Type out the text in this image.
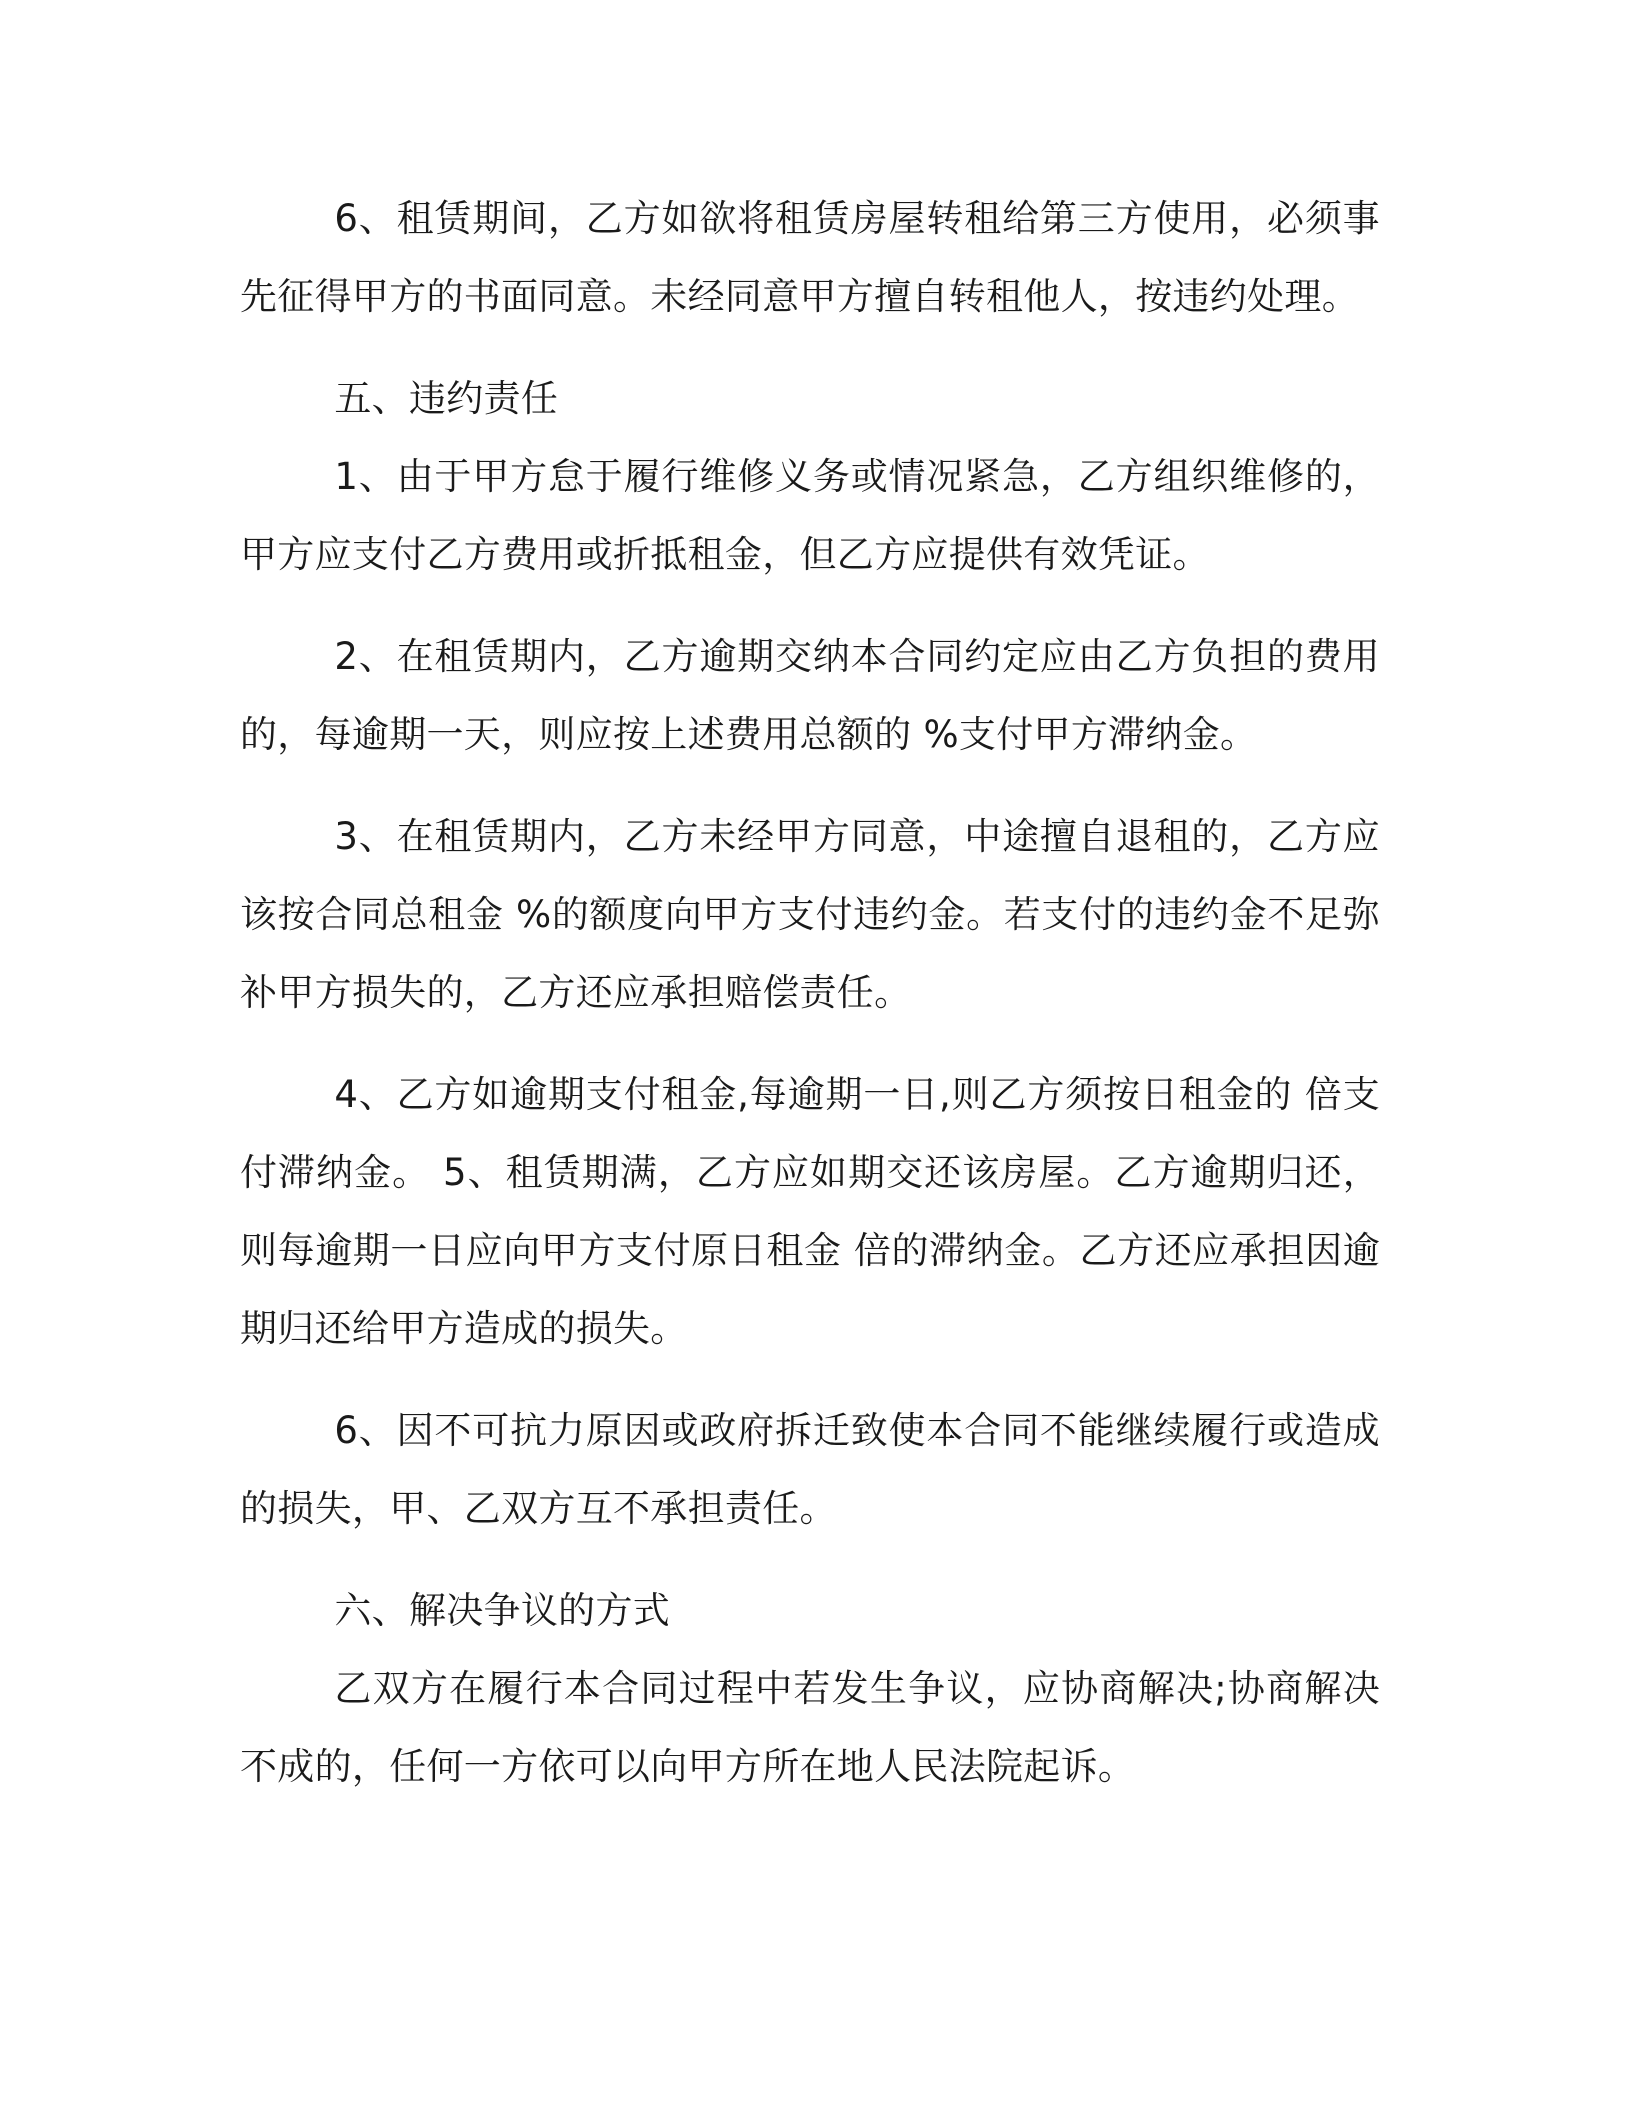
6、租赁期间，乙方如欲将租赁房屋转租给第三方使用，必须事先征得甲方的书面同意。未经同意甲方擅自转租他人，按违约处理。

五、违约责任

1、由于甲方怠于履行维修义务或情况紧急，乙方组织维修的，甲方应支付乙方费用或折抵租金，但乙方应提供有效凭证。

2、在租赁期内，乙方逾期交纳本合同约定应由乙方负担的费用的，每逾期一天，则应按上述费用总额的 %支付甲方滞纳金。

3、在租赁期内，乙方未经甲方同意，中途擅自退租的，乙方应该按合同总租金 %的额度向甲方支付违约金。若支付的违约金不足弥补甲方损失的，乙方还应承担赔偿责任。

4、乙方如逾期支付租金,每逾期一日,则乙方须按日租金的 倍支付滞纳金。 5、租赁期满，乙方应如期交还该房屋。乙方逾期归还，则每逾期一日应向甲方支付原日租金 倍的滞纳金。乙方还应承担因逾期归还给甲方造成的损失。

6、因不可抗力原因或政府拆迁致使本合同不能继续履行或造成的损失，甲、乙双方互不承担责任。

六、解决争议的方式

乙双方在履行本合同过程中若发生争议，应协商解决;协商解决不成的，任何一方依可以向甲方所在地人民法院起诉。
